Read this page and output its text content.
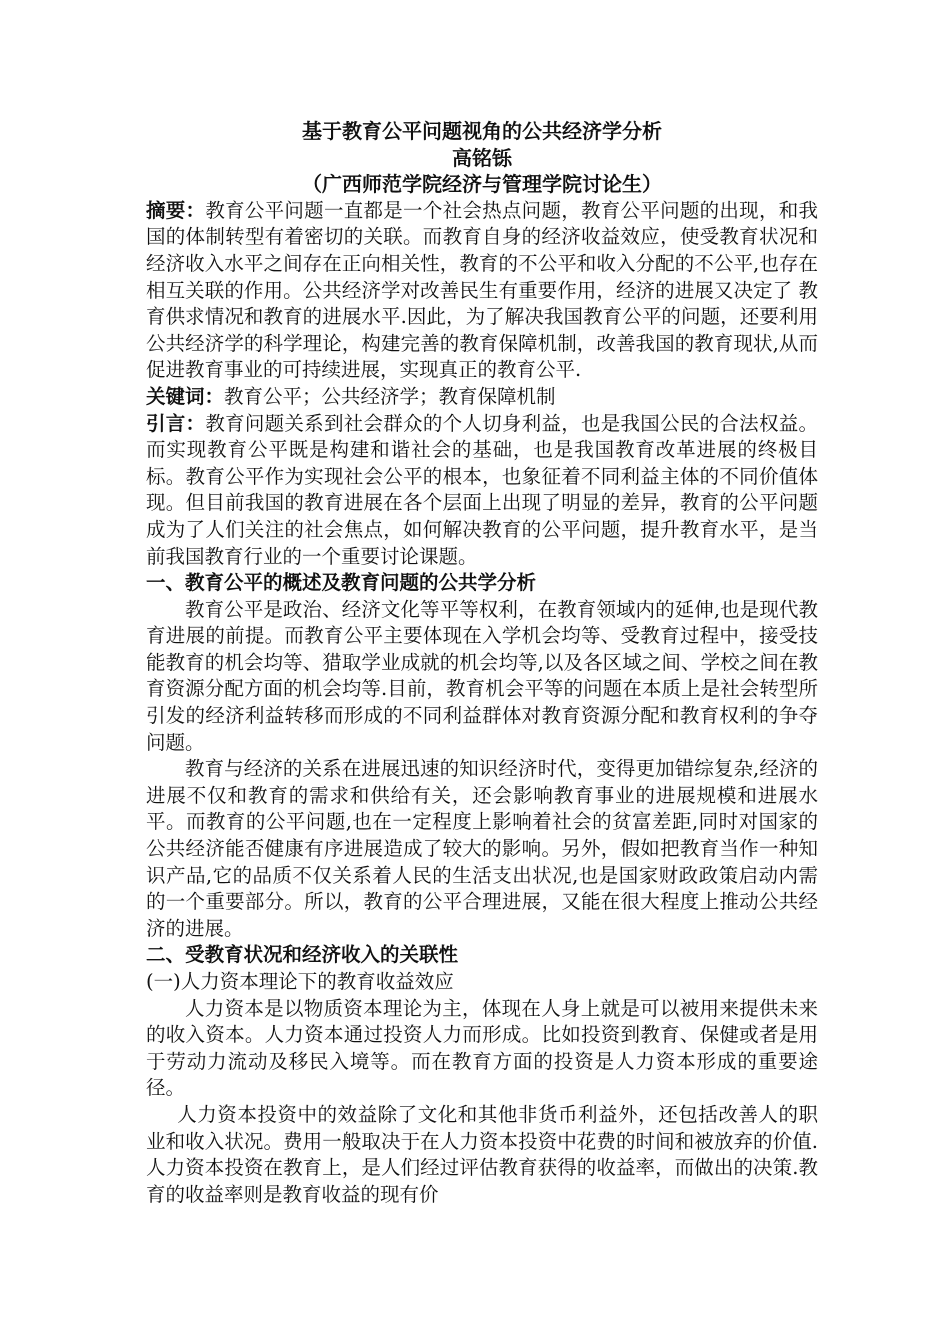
基于教育公平问题视角的公共经济学分析
高铭铄
（广西师范学院经济与管理学院讨论生）

摘要：教育公平问题一直都是一个社会热点问题，教育公平问题的出现，和我国的体制转型有着密切的关联。而教育自身的经济收益效应，使受教育状况和经济收入水平之间存在正向相关性，教育的不公平和收入分配的不公平,也存在相互关联的作用。公共经济学对改善民生有重要作用，经济的进展又决定了 教育供求情况和教育的进展水平.因此，为了解决我国教育公平的问题，还要利用公共经济学的科学理论，构建完善的教育保障机制，改善我国的教育现状,从而促进教育事业的可持续进展，实现真正的教育公平.

关键词：教育公平；公共经济学；教育保障机制

引言：教育问题关系到社会群众的个人切身利益，也是我国公民的合法权益。而实现教育公平既是构建和谐社会的基础，也是我国教育改革进展的终极目标。教育公平作为实现社会公平的根本，也象征着不同利益主体的不同价值体现。但目前我国的教育进展在各个层面上出现了明显的差异，教育的公平问题成为了人们关注的社会焦点，如何解决教育的公平问题，提升教育水平，是当前我国教育行业的一个重要讨论课题。

一、教育公平的概述及教育问题的公共学分析

教育公平是政治、经济文化等平等权利，在教育领域内的延伸,也是现代教育进展的前提。而教育公平主要体现在入学机会均等、受教育过程中，接受技能教育的机会均等、猎取学业成就的机会均等,以及各区域之间、学校之间在教育资源分配方面的机会均等.目前，教育机会平等的问题在本质上是社会转型所引发的经济利益转移而形成的不同利益群体对教育资源分配和教育权利的争夺问题。

教育与经济的关系在进展迅速的知识经济时代，变得更加错综复杂,经济的进展不仅和教育的需求和供给有关，还会影响教育事业的进展规模和进展水平。而教育的公平问题,也在一定程度上影响着社会的贫富差距,同时对国家的公共经济能否健康有序进展造成了较大的影响。另外，假如把教育当作一种知识产品,它的品质不仅关系着人民的生活支出状况,也是国家财政政策启动内需的一个重要部分。所以，教育的公平合理进展，又能在很大程度上推动公共经济的进展。

二、受教育状况和经济收入的关联性

(一)人力资本理论下的教育收益效应

人力资本是以物质资本理论为主，体现在人身上就是可以被用来提供未来的收入资本。人力资本通过投资人力而形成。比如投资到教育、保健或者是用于劳动力流动及移民入境等。而在教育方面的投资是人力资本形成的重要途径。

人力资本投资中的效益除了文化和其他非货币利益外，还包括改善人的职业和收入状况。费用一般取决于在人力资本投资中花费的时间和被放弃的价值.人力资本投资在教育上，是人们经过评估教育获得的收益率，而做出的决策.教育的收益率则是教育收益的现有价
